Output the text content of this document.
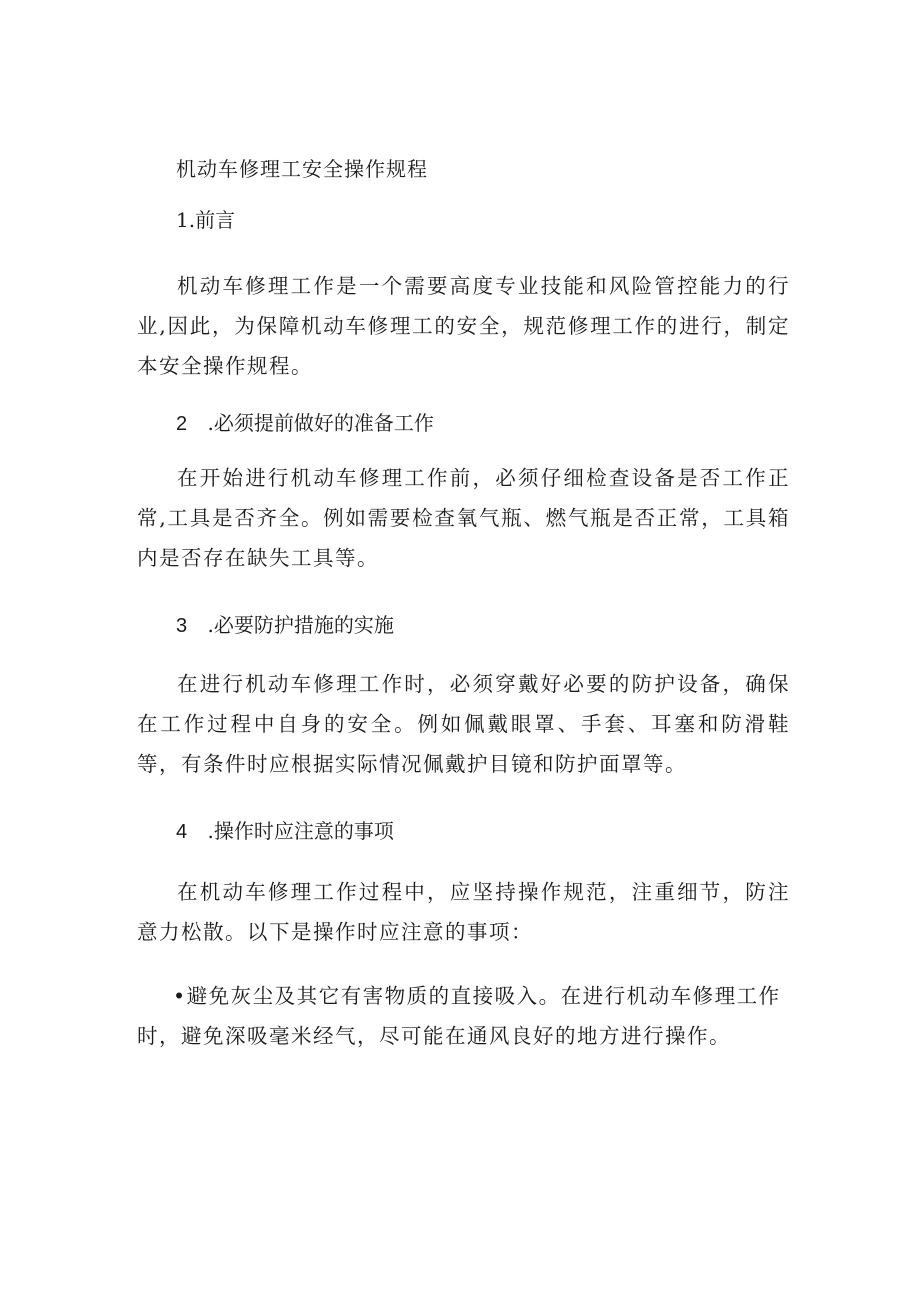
机动车修理工安全操作规程
1.前言
机动车修理工作是一个需要高度专业技能和风险管控能力的行业,因此，为保障机动车修理工的安全，规范修理工作的进行，制定本安全操作规程。
2 .必须提前做好的准备工作
在开始进行机动车修理工作前，必须仔细检查设备是否工作正常,工具是否齐全。例如需要检查氧气瓶、燃气瓶是否正常，工具箱内是否存在缺失工具等。
3 .必要防护措施的实施
在进行机动车修理工作时，必须穿戴好必要的防护设备，确保在工作过程中自身的安全。例如佩戴眼罩、手套、耳塞和防滑鞋等，有条件时应根据实际情况佩戴护目镜和防护面罩等。
4 .操作时应注意的事项
在机动车修理工作过程中，应坚持操作规范，注重细节，防注意力松散。以下是操作时应注意的事项：
•避免灰尘及其它有害物质的直接吸入。在进行机动车修理工作时，避免深吸毫米经气，尽可能在通风良好的地方进行操作。
